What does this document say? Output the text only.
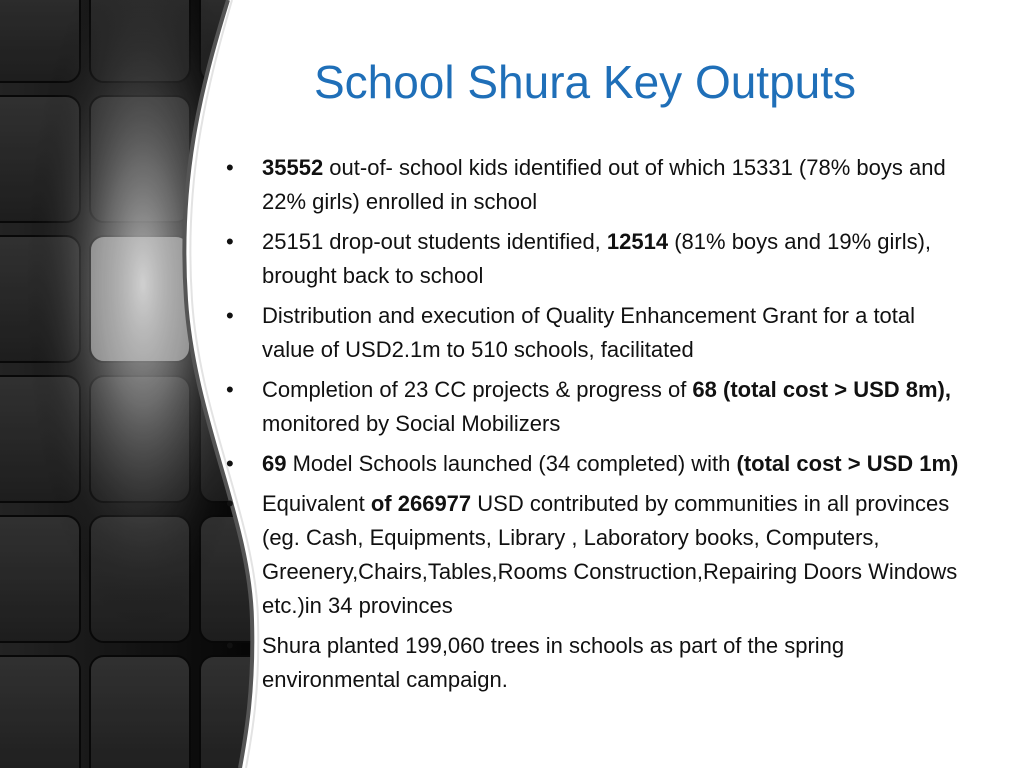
School Shura Key Outputs
•	35552 out-of- school kids identified out of which 15331 (78% boys and 22% girls) enrolled in school
•	25151 drop-out students identified, 12514 (81% boys and 19% girls), brought back to school
•	Distribution and execution of Quality Enhancement Grant for a total value of USD2.1m to 510 schools, facilitated
•	Completion of 23 CC projects & progress of 68 (total cost > USD 8m), monitored by Social Mobilizers
•	69 Model Schools launched (34 completed) with (total cost > USD 1m)
•	Equivalent of 266977 USD contributed by communities in all provinces (eg. Cash, Equipments, Library , Laboratory books, Computers, Greenery,Chairs,Tables,Rooms Construction,Repairing Doors Windows etc.)in 34 provinces
•	Shura planted 199,060 trees in schools as part of the spring environmental campaign.
